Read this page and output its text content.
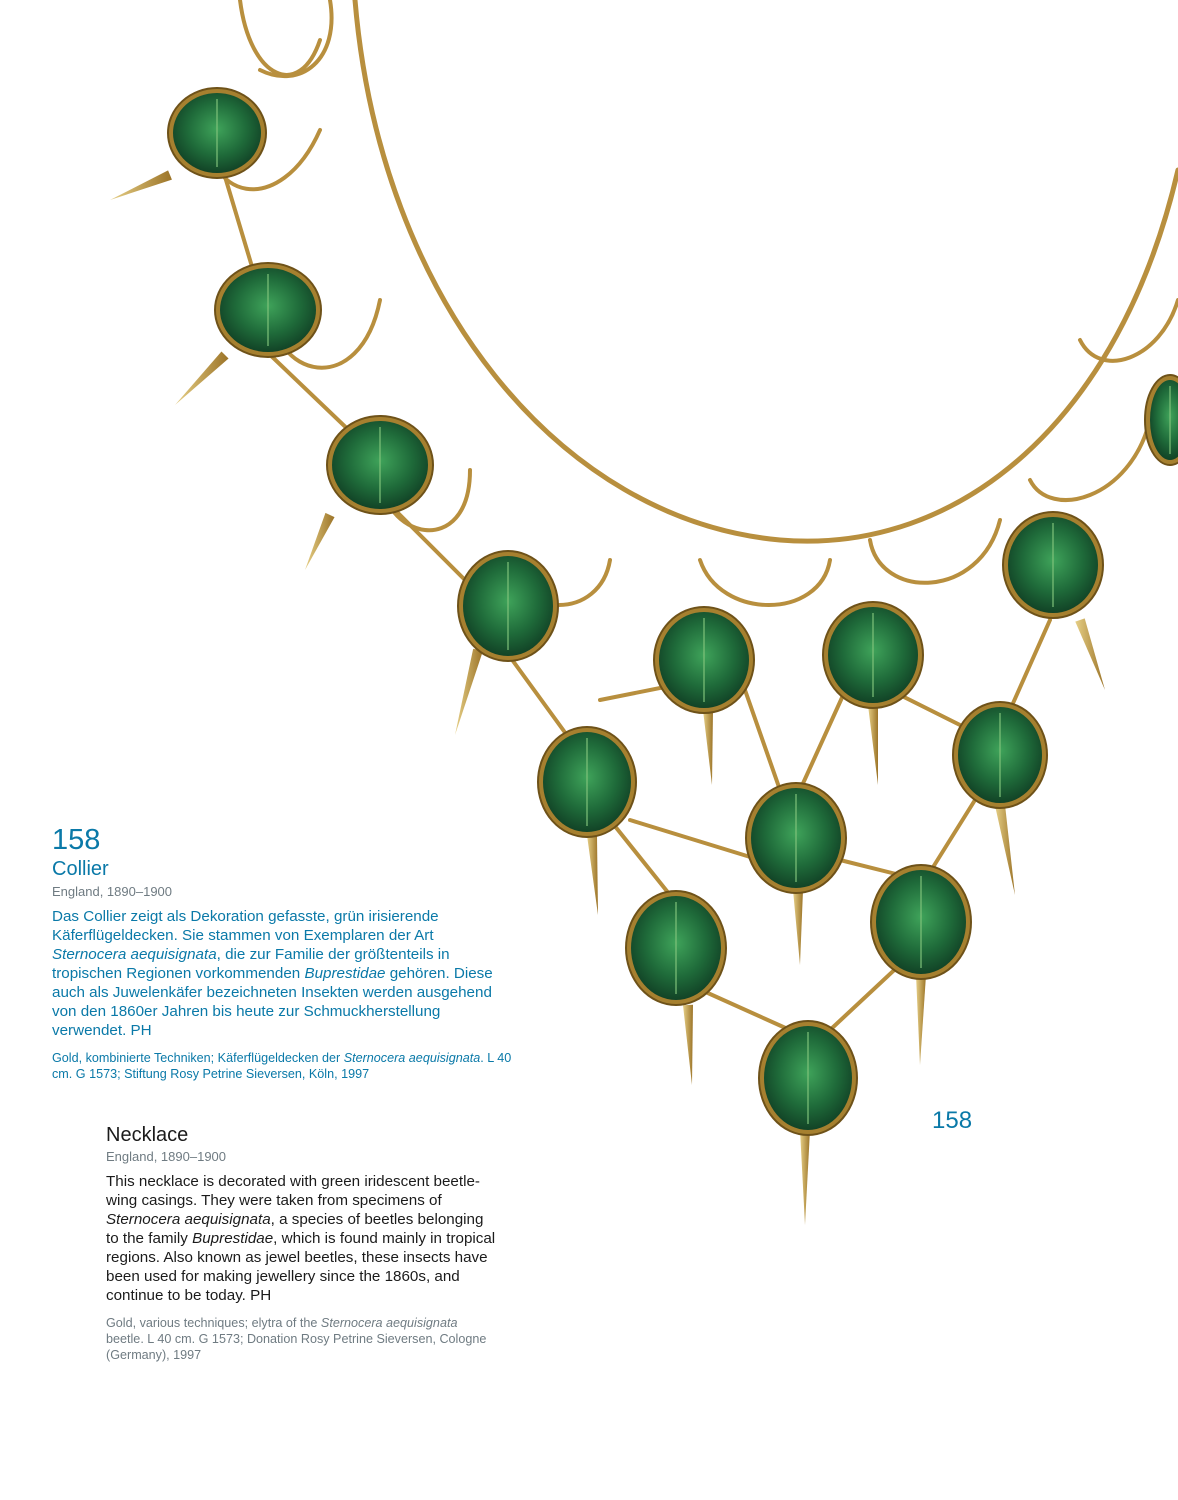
158
Collier
England, 1890–1900
Das Collier zeigt als Dekoration gefasste, grün irisierende Käferflügeldecken. Sie stammen von Exemplaren der Art Sternocera aequisignata, die zur Familie der größtenteils in tropischen Regionen vorkommenden Buprestidae gehören. Diese auch als Juwelenkäfer bezeichneten Insekten werden ausgehend von den 1860er Jahren bis heute zur Schmuckherstellung verwendet. PH
Gold, kombinierte Techniken; Käferflügeldecken der Sternocera aequisignata. L 40 cm. G 1573; Stiftung Rosy Petrine Sieversen, Köln, 1997
Necklace
England, 1890–1900
This necklace is decorated with green iridescent beetle-wing casings. They were taken from specimens of Sternocera aequisignata, a species of beetles belonging to the family Buprestidae, which is found mainly in tropical regions. Also known as jewel beetles, these insects have been used for making jewellery since the 1860s, and continue to be today. PH
Gold, various techniques; elytra of the Sternocera aequisignata beetle. L 40 cm. G 1573; Donation Rosy Petrine Sieversen, Cologne (Germany), 1997
158
